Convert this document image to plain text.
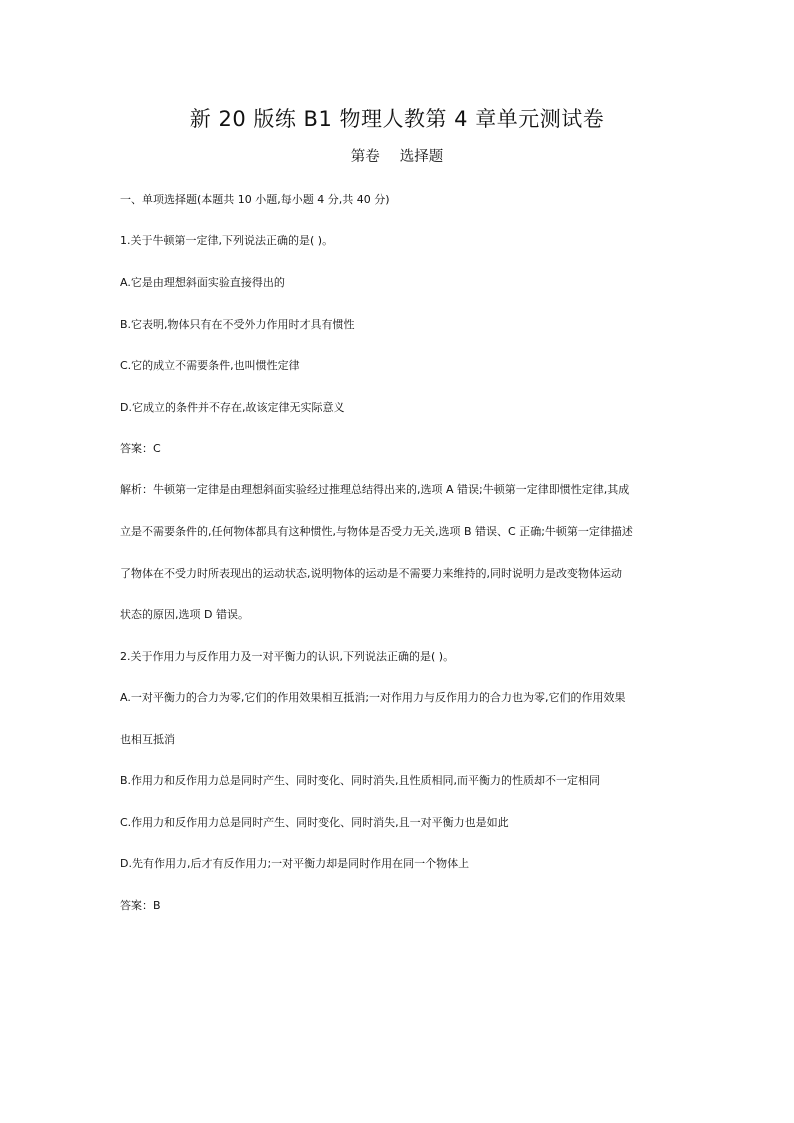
新 20 版练 B1 物理人教第 4 章单元测试卷
第卷 选择题

一、单项选择题(本题共 10 小题,每小题 4 分,共 40 分)

1.关于牛顿第一定律,下列说法正确的是( )。

A.它是由理想斜面实验直接得出的

B.它表明,物体只有在不受外力作用时才具有惯性

C.它的成立不需要条件,也叫惯性定律

D.它成立的条件并不存在,故该定律无实际意义

答案：C

解析：牛顿第一定律是由理想斜面实验经过推理总结得出来的,选项 A 错误;牛顿第一定律即惯性定律,其成

立是不需要条件的,任何物体都具有这种惯性,与物体是否受力无关,选项 B 错误、C 正确;牛顿第一定律描述

了物体在不受力时所表现出的运动状态,说明物体的运动是不需要力来维持的,同时说明力是改变物体运动

状态的原因,选项 D 错误。

2.关于作用力与反作用力及一对平衡力的认识,下列说法正确的是( )。

A.一对平衡力的合力为零,它们的作用效果相互抵消;一对作用力与反作用力的合力也为零,它们的作用效果

也相互抵消

B.作用力和反作用力总是同时产生、同时变化、同时消失,且性质相同,而平衡力的性质却不一定相同

C.作用力和反作用力总是同时产生、同时变化、同时消失,且一对平衡力也是如此

D.先有作用力,后才有反作用力;一对平衡力却是同时作用在同一个物体上

答案：B
